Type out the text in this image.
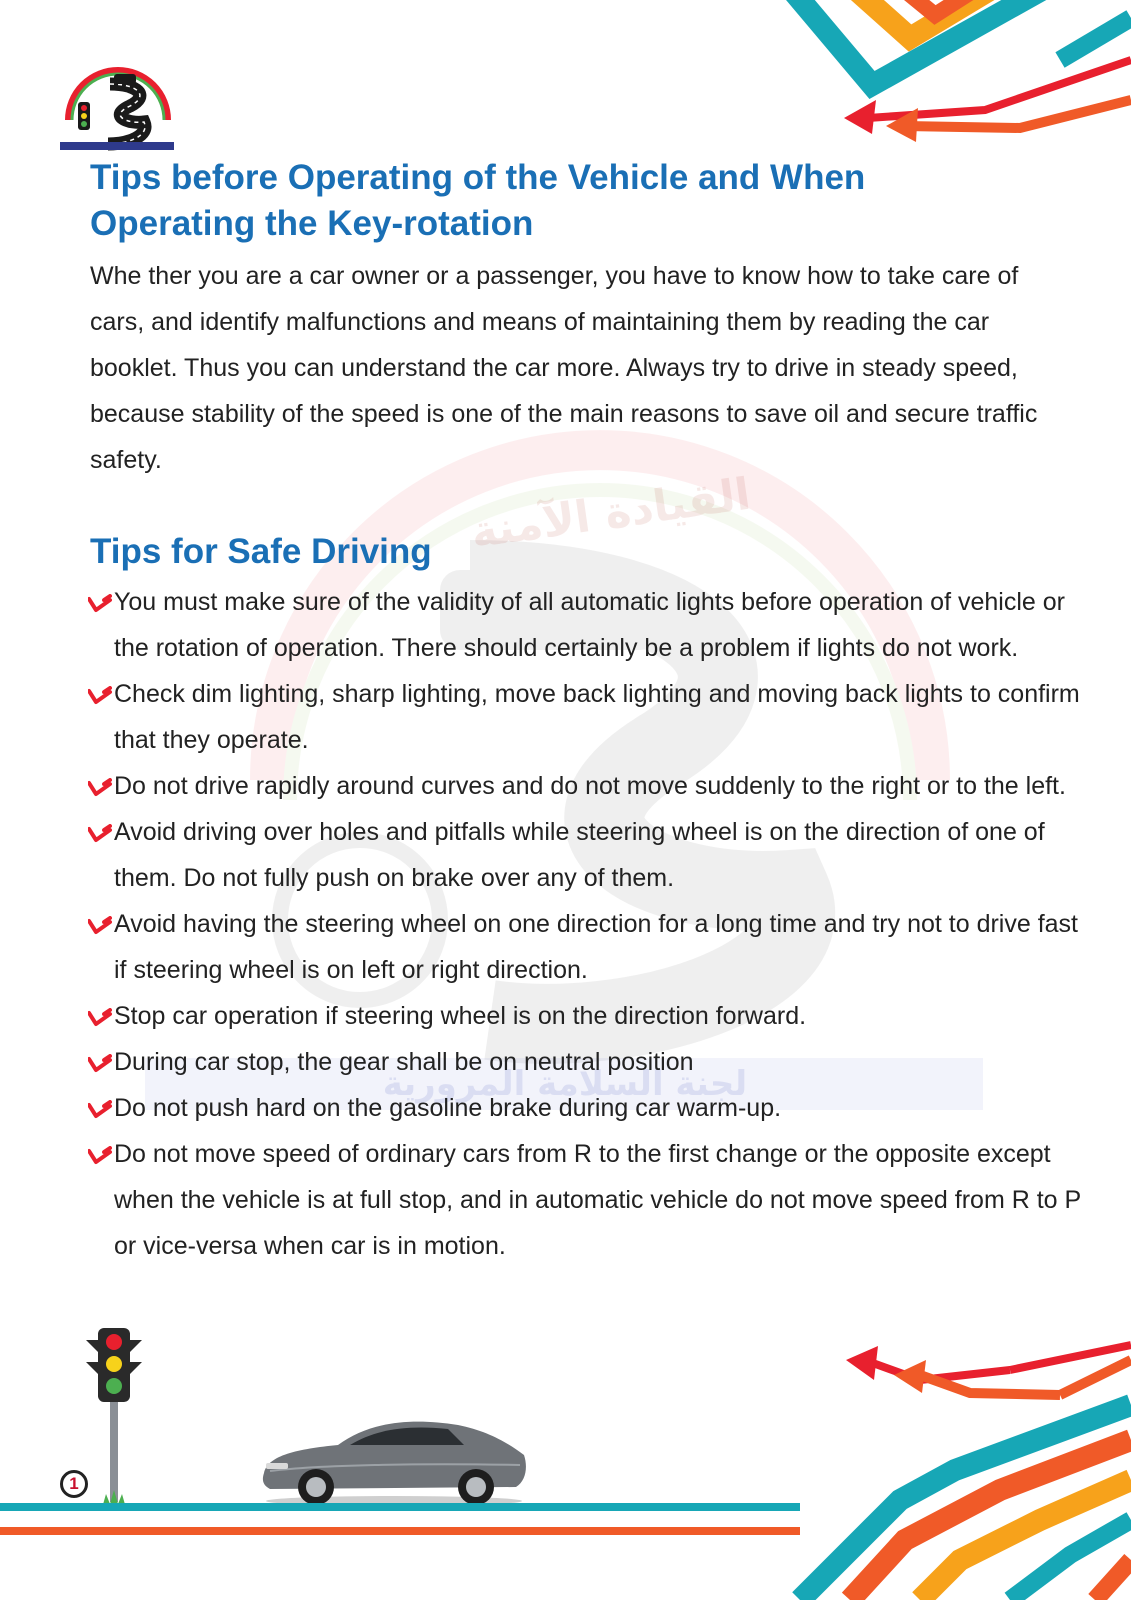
القيادة الآمنة
لجنة السلامة المرورية
Tips before Operating of the Vehicle and When
Operating the Key-rotation

Whe ther you are a car owner or a passenger, you have to know how to take care of cars, and identify malfunctions and means of maintaining them by reading the car booklet. Thus you can understand the car more. Always try to drive in steady speed, because stability of the speed is one of the main reasons to save oil and secure traffic safety.

Tips for Safe Driving
You must make sure of the validity of all automatic lights before operation of vehicle or the rotation of operation. There should certainly be a problem if lights do not work.
Check dim lighting, sharp lighting, move back lighting and moving back lights to confirm that they operate.
Do not drive rapidly around curves and do not move suddenly to the right or to the left.
Avoid driving over holes and pitfalls while steering wheel is on the direction of one of them. Do not fully push on brake over any of them.
Avoid having the steering wheel on one direction for a long time and try not to drive fast if steering wheel is on left or right direction.
Stop car operation if steering wheel is on the direction forward.
During car stop, the gear shall be on neutral position
Do not push hard on the gasoline brake during car warm-up.
Do not move speed of ordinary cars from R to the first change or the opposite except when the vehicle is at full stop, and in automatic vehicle do not move speed from R to P or vice-versa when car is in motion.
1
